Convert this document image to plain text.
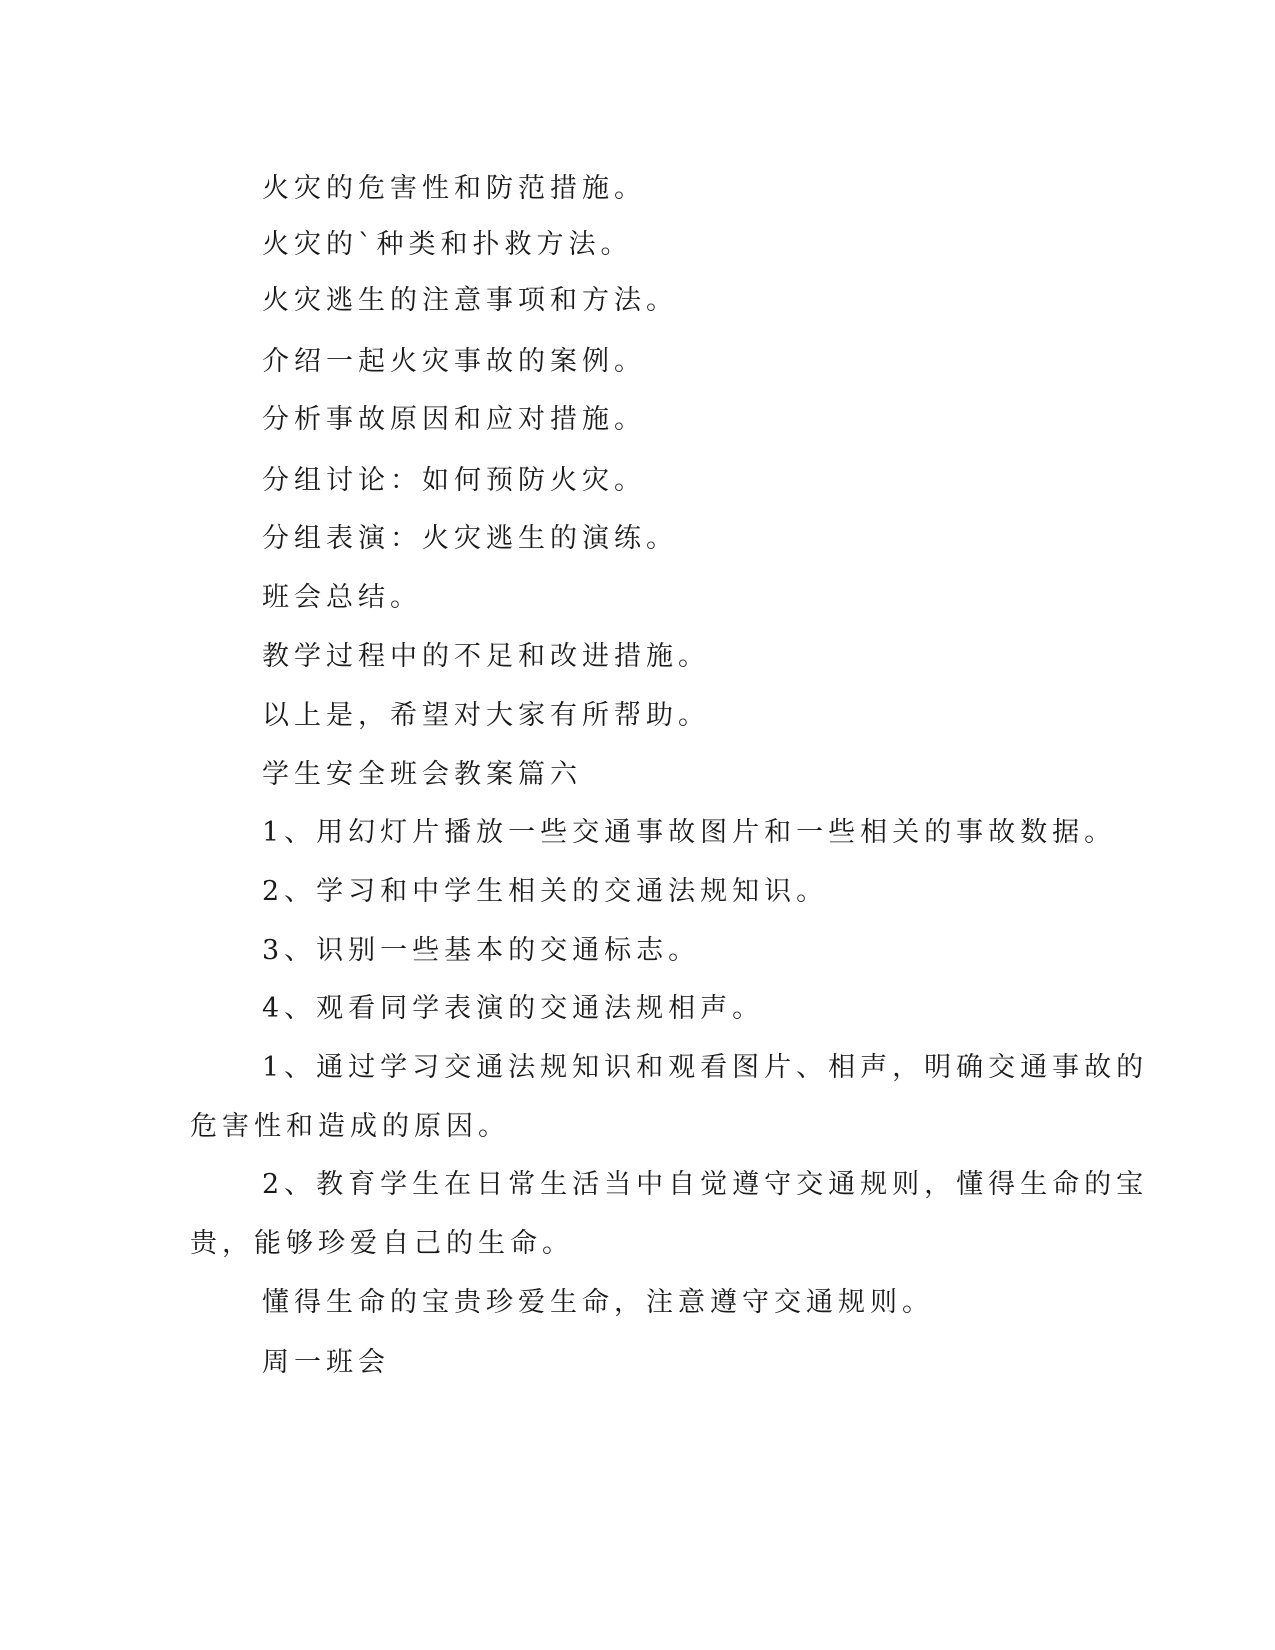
火灾的危害性和防范措施。
火灾的`种类和扑救方法。
火灾逃生的注意事项和方法。
介绍一起火灾事故的案例。
分析事故原因和应对措施。
分组讨论：如何预防火灾。
分组表演：火灾逃生的演练。
班会总结。
教学过程中的不足和改进措施。
以上是，希望对大家有所帮助。
学生安全班会教案篇六
1、用幻灯片播放一些交通事故图片和一些相关的事故数据。
2、学习和中学生相关的交通法规知识。
3、识别一些基本的交通标志。
4、观看同学表演的交通法规相声。
1、通过学习交通法规知识和观看图片、相声，明确交通事故的
危害性和造成的原因。
2、教育学生在日常生活当中自觉遵守交通规则，懂得生命的宝
贵，能够珍爱自己的生命。
懂得生命的宝贵珍爱生命，注意遵守交通规则。
周一班会
